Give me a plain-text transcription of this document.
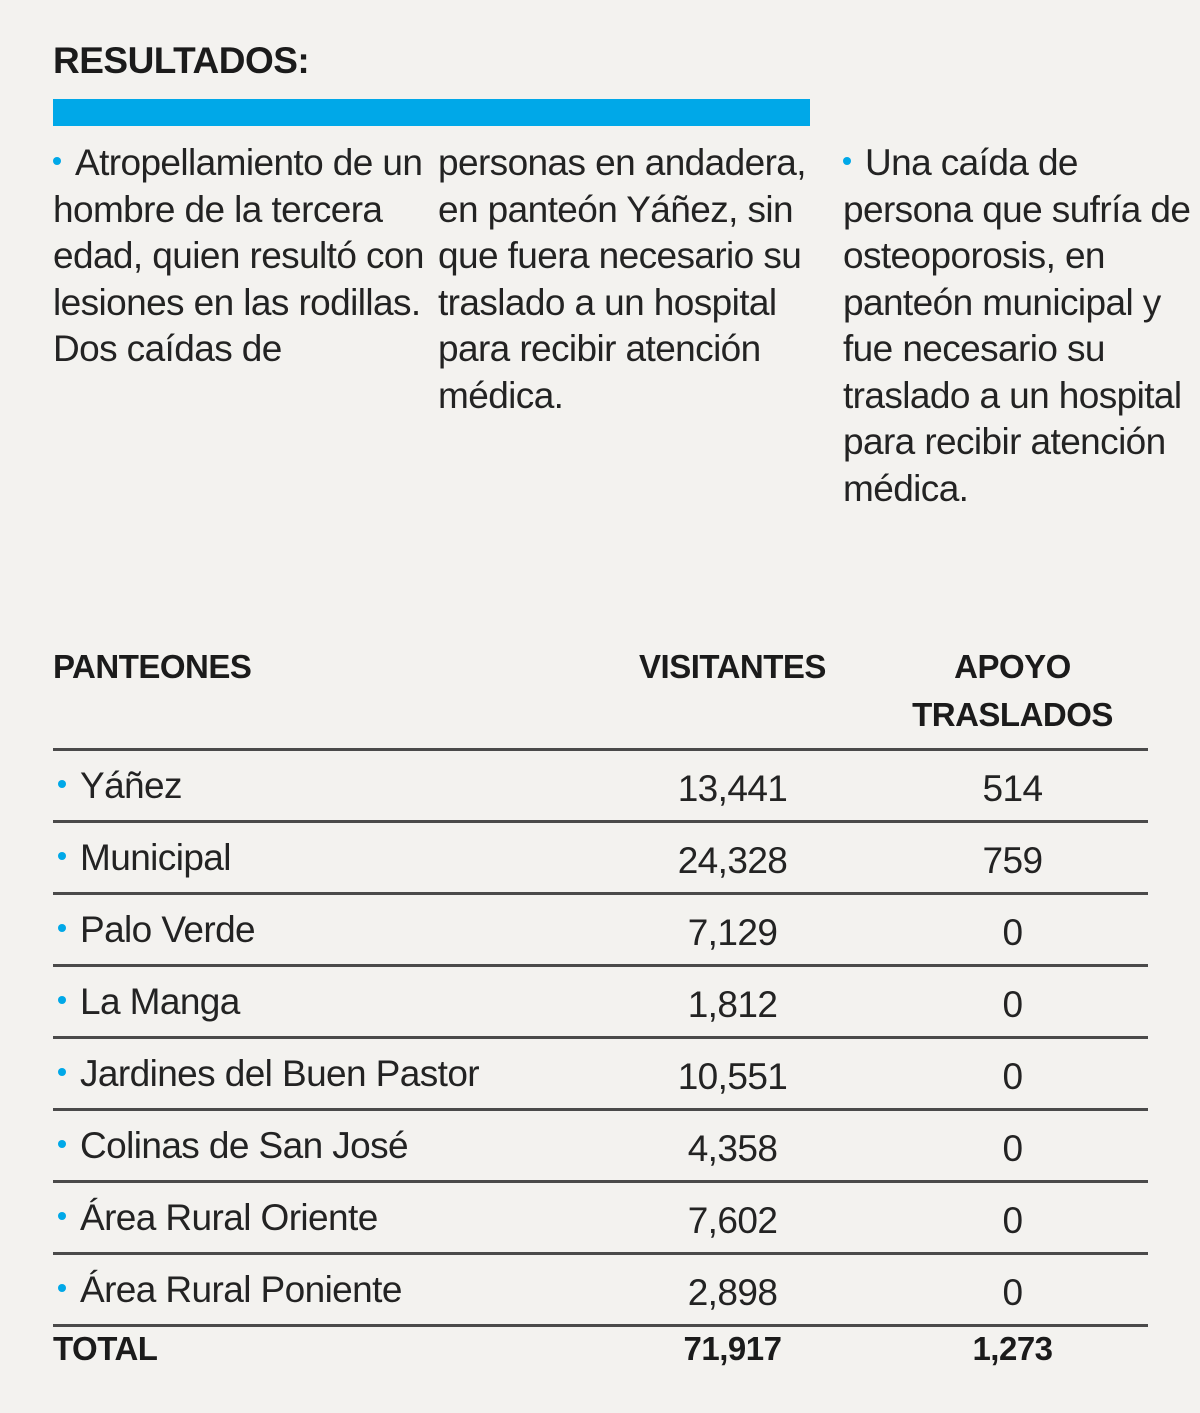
RESULTADOS:

Atropellamiento de un hombre de la tercera edad, quien resultó con lesiones en las rodillas.

Dos caídas de

personas en andadera, en panteón Yáñez, sin que fuera necesario su traslado a un hospital para recibir atención médica.

Una caída de persona que sufría de osteoporosis, en panteón municipal y fue necesario su traslado a un hospital para recibir atención médica.

PANTEONES	VISITANTES	APOYO
TRASLADOS
Yáñez	13,441	514
Municipal	24,328	759
Palo Verde	7,129	0
La Manga	1,812	0
Jardines del Buen Pastor	10,551	0
Colinas de San José	4,358	0
Área Rural Oriente	7,602	0
Área Rural Poniente	2,898	0
TOTAL	71,917	1,273
